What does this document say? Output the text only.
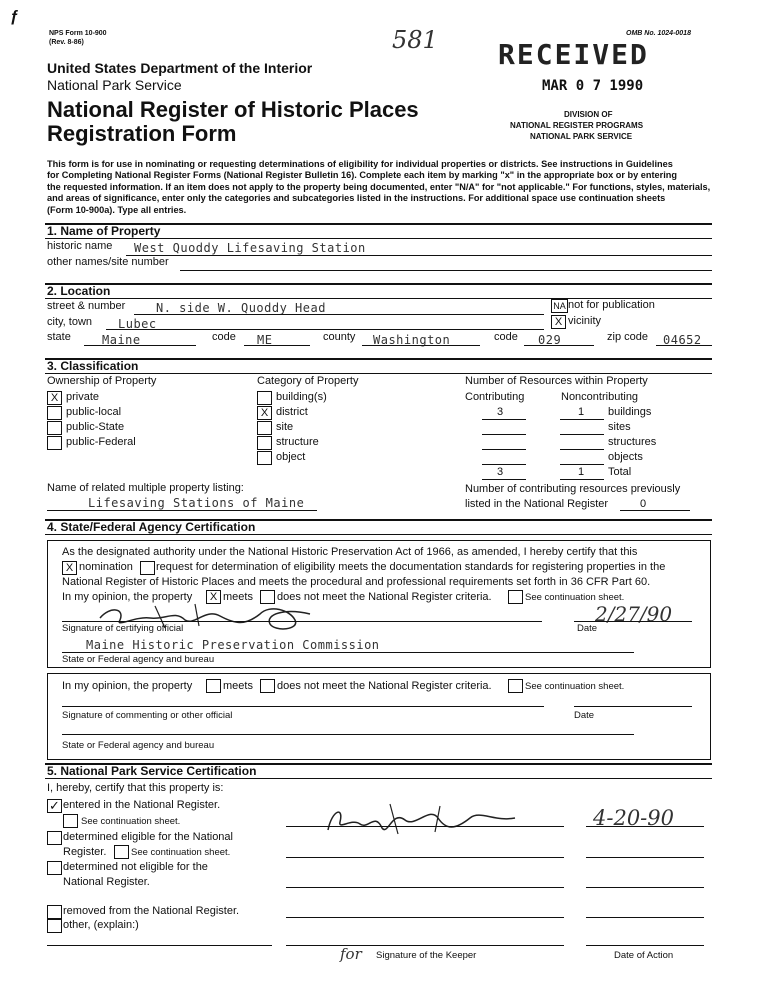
ƒ
NPS Form 10-900
(Rev. 8-86)	581	OMB No. 1024-0018
United States Department of the Interior
National Park Service
National Register of Historic Places
Registration Form
RECEIVED
MAR 0 7 1990
DIVISION OF
NATIONAL REGISTER PROGRAMS
NATIONAL PARK SERVICE
This form is for use in nominating or requesting determinations of eligibility for individual properties or districts. See instructions in Guidelines
for Completing National Register Forms (National Register Bulletin 16). Complete each item by marking "x" in the appropriate box or by entering
the requested information. If an item does not apply to the property being documented, enter "N/A" for "not applicable." For functions, styles, materials,
and areas of significance, enter only the categories and subcategories listed in the instructions. For additional space use continuation sheets
(Form 10-900a). Type all entries.
1. Name of Property
historic name West Quoddy Lifesaving Station
other names/site number
2. Location
street & number	N. side W. Quoddy Head	NA not for publication
city, town Lubec	X vicinity
state	Maine	code ME	county Washington	code 029	zip code 04652
3. Classification
Ownership of Property
X private
public-local
public-State
public-Federal
Category of Property
building(s)
X district
site
structure
object
Number of Resources within Property
Contributing	Noncontributing
3	1 buildings
sites
structures
objects
3	1 Total
Name of related multiple property listing:
Lifesaving Stations of Maine
Number of contributing resources previously
listed in the National Register	0
4. State/Federal Agency Certification
As the designated authority under the National Historic Preservation Act of 1966, as amended, I hereby certify that this
X nomination request for determination of eligibility meets the documentation standards for registering properties in the
National Register of Historic Places and meets the procedural and professional requirements set forth in 36 CFR Part 60.
In my opinion, the property	X meets does not meet the National Register criteria.	See continuation sheet.
Signature of certifying official
2/27/90
Date
Maine Historic Preservation Commission
State or Federal agency and bureau
In my opinion, the property	meets does not meet the National Register criteria.	See continuation sheet.
Signature of commenting or other official	Date
State or Federal agency and bureau
5. National Park Service Certification
I, hereby, certify that this property is:
✓ entered in the National Register.
See continuation sheet.
determined eligible for the National
Register.	See continuation sheet.
determined not eligible for the
National Register.
removed from the National Register.
other, (explain:)
4-20-90
for Signature of the Keeper	Date of Action
